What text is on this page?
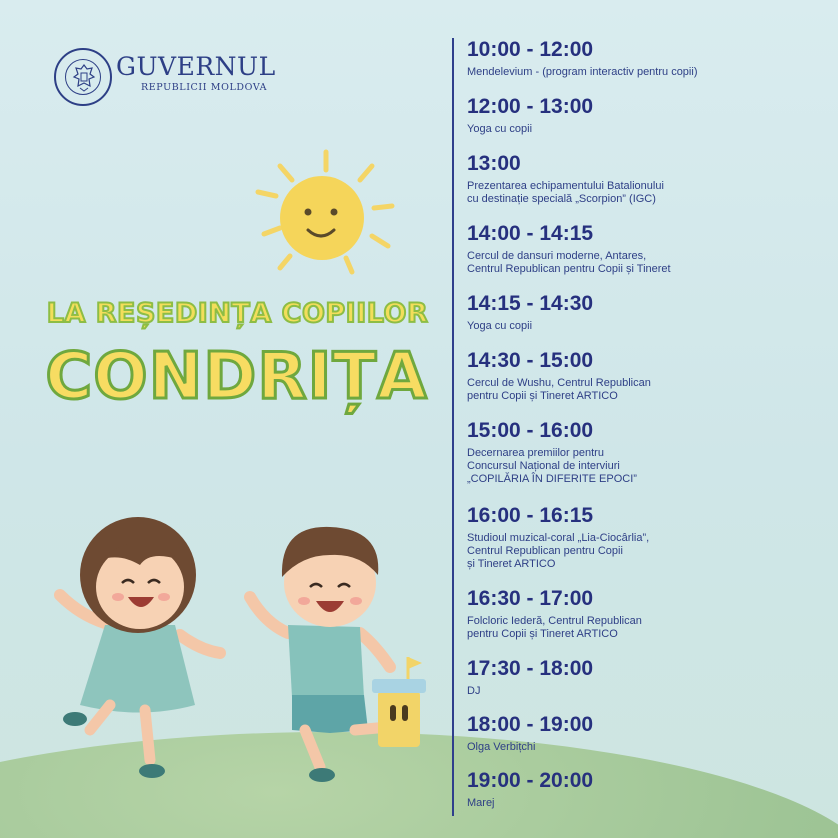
GUVERNUL
REPUBLICII MOLDOVA
LA REȘEDINȚA COPIILOR
CONDRIȚA
10:00 - 12:00
Mendelevium - (program interactiv pentru copii)
12:00 - 13:00
Yoga cu copii
13:00
Prezentarea echipamentului Batalionului
cu destinație specială „Scorpion” (IGC)
14:00 - 14:15
Cercul de dansuri moderne, Antares,
Centrul Republican pentru Copii și Tineret
14:15 - 14:30
Yoga cu copii
14:30 - 15:00
Cercul de Wushu, Centrul Republican
pentru Copii și Tineret ARTICO
15:00 - 16:00
Decernarea premiilor pentru
Concursul Național de interviuri
„COPILĂRIA ÎN DIFERITE EPOCI”
16:00 - 16:15
Studioul muzical-coral „Lia-Ciocârlia”,
Centrul Republican pentru Copii
și Tineret ARTICO
16:30 - 17:00
Folcloric Iederă, Centrul Republican
pentru Copii și Tineret ARTICO
17:30 - 18:00
DJ
18:00 - 19:00
Olga Verbițchi
19:00 - 20:00
Marej
